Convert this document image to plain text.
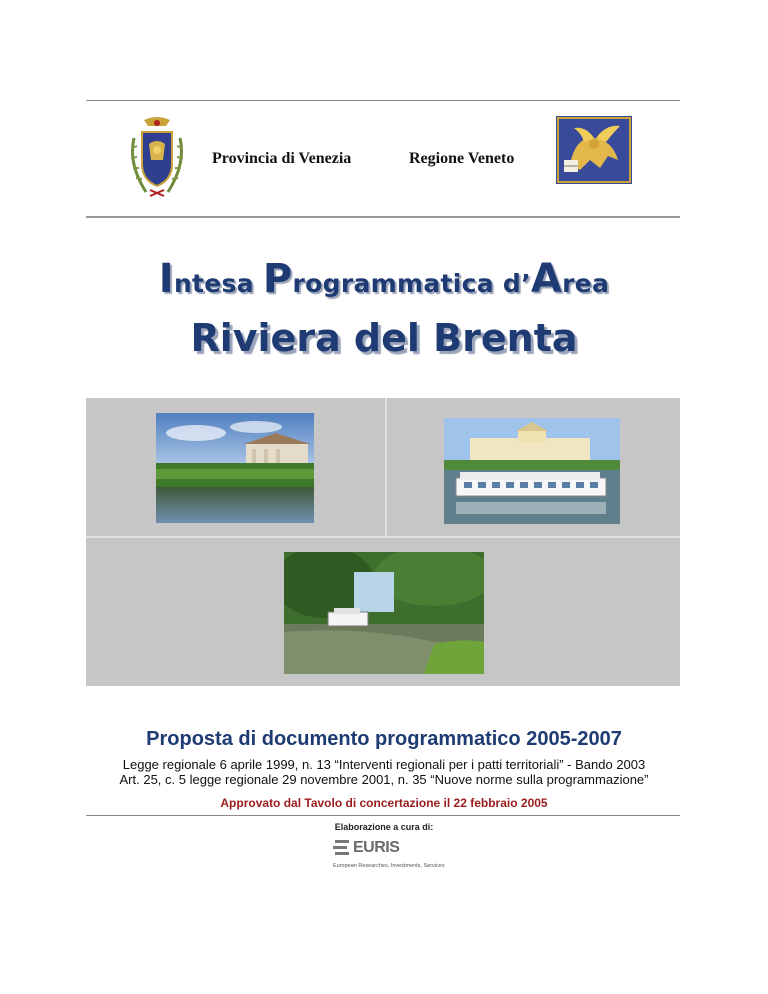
Provincia di Venezia	Regione Veneto
Intesa Programmatica d’Area
Riviera del Brenta
Proposta di documento programmatico 2005-2007
Legge regionale 6 aprile 1999, n. 13 “Interventi regionali per i patti territoriali” - Bando 2003
Art. 25, c. 5 legge regionale 29 novembre 2001, n. 35 “Nuove norme sulla programmazione”
Approvato dal Tavolo di concertazione il 22 febbraio 2005
Elaborazione a cura di:
EURIS
European Researches, Investments, Services
